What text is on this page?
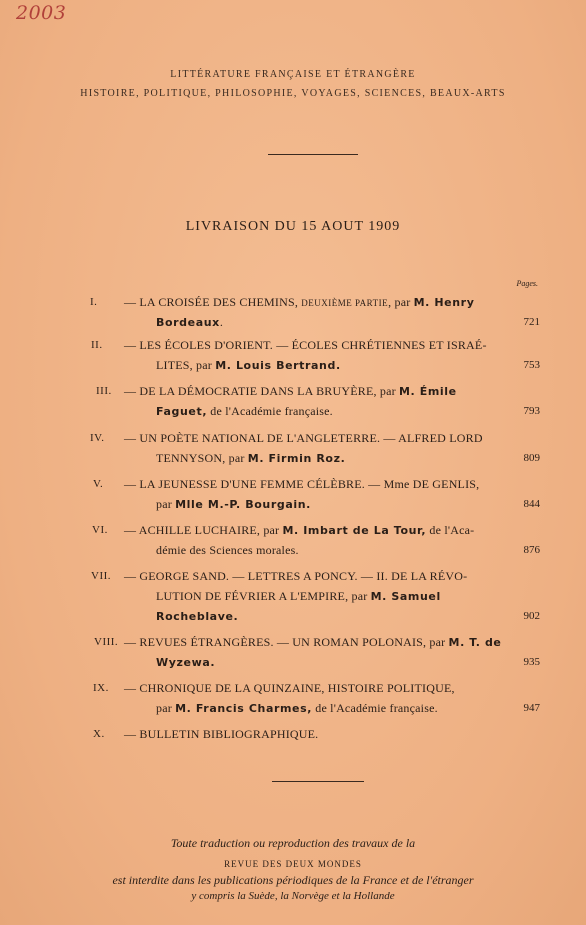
2003
LITTÉRATURE FRANÇAISE ET ÉTRANGÈRE
HISTOIRE, POLITIQUE, PHILOSOPHIE, VOYAGES, SCIENCES, BEAUX-ARTS
LIVRAISON DU 15 AOUT 1909
Pages.
I.	— LA CROISÉE DES CHEMINS, DEUXIÈME PARTIE, par M. Henry
Bordeaux.	721
II.	— LES ÉCOLES D'ORIENT. — ÉCOLES CHRÉTIENNES ET ISRAÉ-
LITES, par M. Louis Bertrand.	753
III.	— DE LA DÉMOCRATIE DANS LA BRUYÈRE, par M. Émile
Faguet, de l'Académie française.	793
IV.	— UN POÈTE NATIONAL DE L'ANGLETERRE. — ALFRED LORD
TENNYSON, par M. Firmin Roz.	809
V.	— LA JEUNESSE D'UNE FEMME CÉLÈBRE. — Mme DE GENLIS,
par Mlle M.-P. Bourgain.	844
VI.	— ACHILLE LUCHAIRE, par M. Imbart de La Tour, de l'Aca-
démie des Sciences morales.	876
VII.	— GEORGE SAND. — LETTRES A PONCY. — II. DE LA RÉVO-
LUTION DE FÉVRIER A L'EMPIRE, par M. Samuel
Rocheblave.	902
VIII. — REVUES ÉTRANGÈRES. — UN ROMAN POLONAIS, par M. T. de
Wyzewa.	935
IX.	— CHRONIQUE DE LA QUINZAINE, HISTOIRE POLITIQUE,
par M. Francis Charmes, de l'Académie française.	947
X.	— BULLETIN BIBLIOGRAPHIQUE.
Toute traduction ou reproduction des travaux de la
REVUE DES DEUX MONDES
est interdite dans les publications périodiques de la France et de l'étranger
y compris la Suède, la Norvège et la Hollande
